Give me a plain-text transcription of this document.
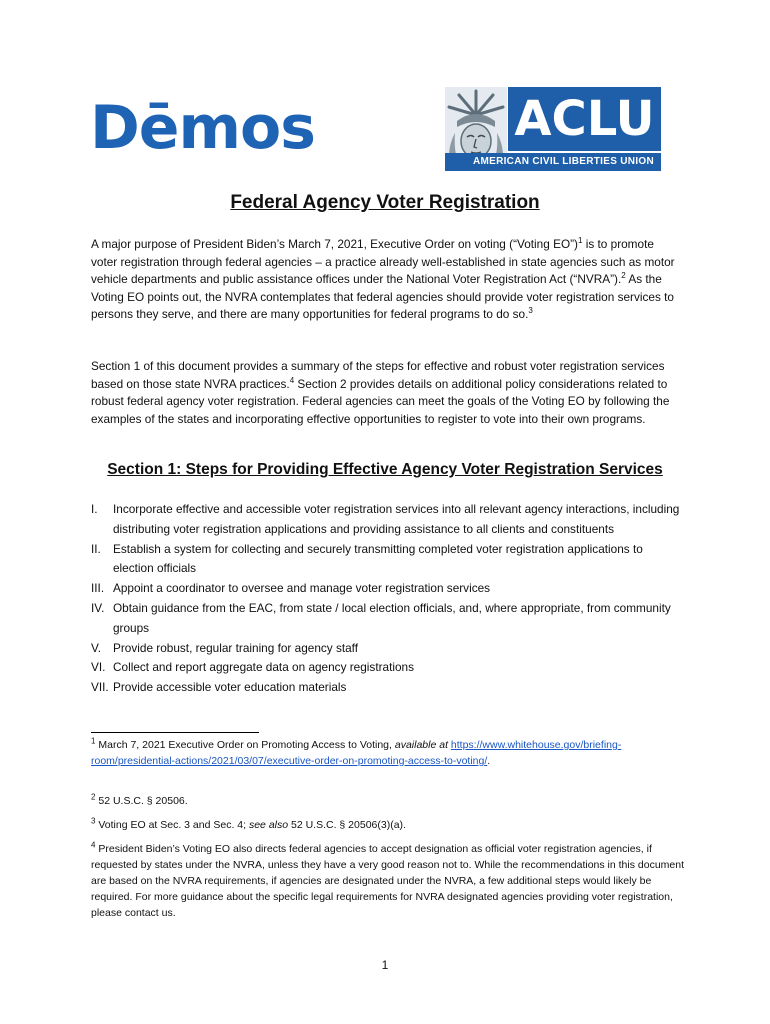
Dēmos	ACLU
AMERICAN CIVIL LIBERTIES UNION
Federal Agency Voter Registration
A major purpose of President Biden’s March 7, 2021, Executive Order on voting (“Voting EO”)$^1$ is to promote voter registration through federal agencies – a practice already well-established in state agencies such as motor vehicle departments and public assistance offices under the National Voter Registration Act (“NVRA”).$^2$ As the Voting EO points out, the NVRA contemplates that federal agencies should provide voter registration services to persons they serve, and there are many opportunities for federal programs to do so.$^3$
Section 1 of this document provides a summary of the steps for effective and robust voter registration services based on those state NVRA practices.$^4$ Section 2 provides details on additional policy considerations related to robust federal agency voter registration. Federal agencies can meet the goals of the Voting EO by following the examples of the states and incorporating effective opportunities to register to vote into their own programs.
Section 1: Steps for Providing Effective Agency Voter Registration Services
I. Incorporate effective and accessible voter registration services into all relevant agency interactions, including distributing voter registration applications and providing assistance to all clients and constituents
II. Establish a system for collecting and securely transmitting completed voter registration applications to election officials
III. Appoint a coordinator to oversee and manage voter registration services
IV. Obtain guidance from the EAC, from state / local election officials, and, where appropriate, from community groups
V. Provide robust, regular training for agency staff
VI. Collect and report aggregate data on agency registrations
VII. Provide accessible voter education materials
$^1$ March 7, 2021 Executive Order on Promoting Access to Voting, available at https://www.whitehouse.gov/briefing-room/presidential-actions/2021/03/07/executive-order-on-promoting-access-to-voting/.
$^2$ 52 U.S.C. § 20506.
$^3$ Voting EO at Sec. 3 and Sec. 4; see also 52 U.S.C. § 20506(3)(a).
$^4$ President Biden’s Voting EO also directs federal agencies to accept designation as official voter registration agencies, if requested by states under the NVRA, unless they have a very good reason not to. While the recommendations in this document are based on the NVRA requirements, if agencies are designated under the NVRA, a few additional steps would likely be required. For more guidance about the specific legal requirements for NVRA designated agencies providing voter registration, please contact us.
1
